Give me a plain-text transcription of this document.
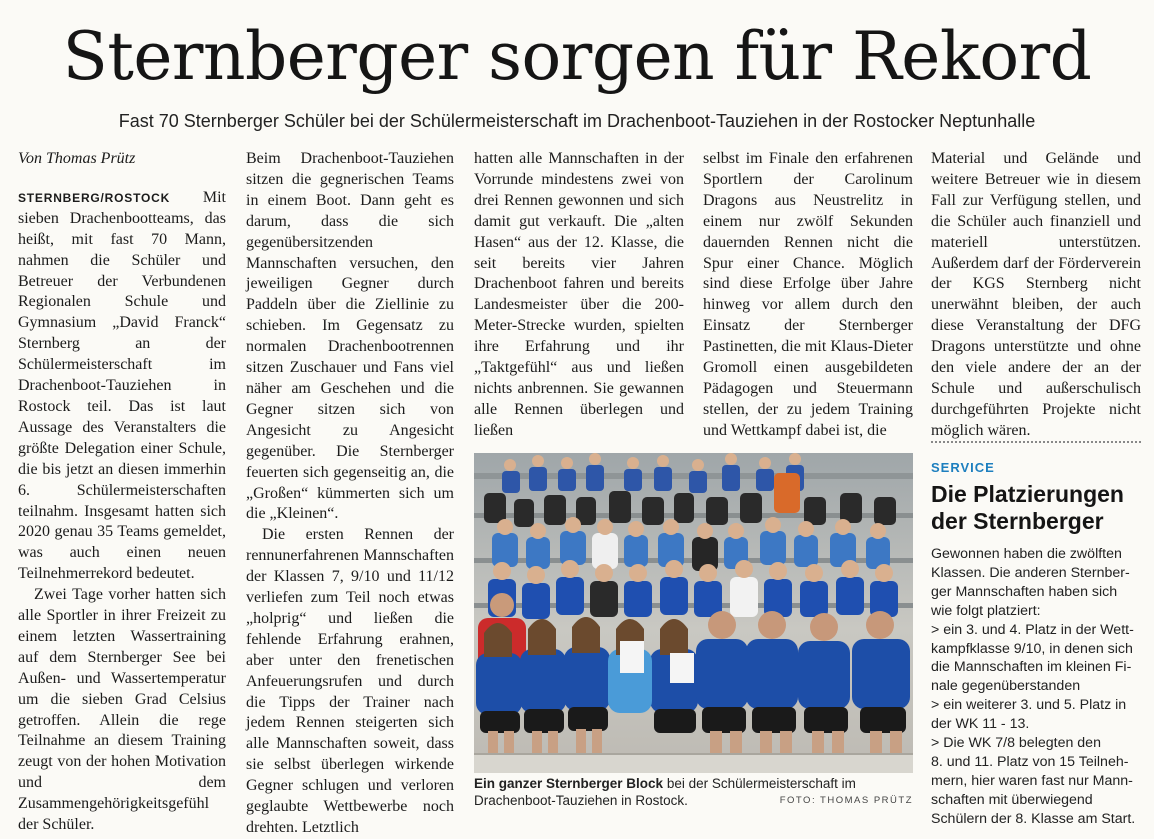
Sternberger sorgen für Rekord
Fast 70 Sternberger Schüler bei der Schülermeisterschaft im Drachenboot-Tauziehen in der Rostocker Neptunhalle

Von Thomas Prütz

STERNBERG/ROSTOCK Mit sieben Drachenbootteams, das heißt, mit fast 70 Mann, nahmen die Schüler und Betreuer der Verbundenen Regionalen Schule und Gymnasium „David Franck“ Sternberg an der Schülermeisterschaft im Drachenboot-Tauziehen in Rostock teil. Das ist laut Aussage des Veranstalters die größte Delegation einer Schule, die bis jetzt an diesen immerhin 6. Schülermeisterschaften teilnahm. Insgesamt hatten sich 2020 genau 35 Teams gemeldet, was auch einen neuen Teilnehmerrekord bedeutet.

Zwei Tage vorher hatten sich alle Sportler in ihrer Freizeit zu einem letzten Wassertraining auf dem Sternberger See bei Außen- und Wassertemperatur um die sieben Grad Celsius getroffen. Allein die rege Teilnahme an diesem Training zeugt von der hohen Motivation und dem Zusammengehörigkeitsgefühl der Schüler.

Beim Drachenboot-Tauziehen sitzen die gegnerischen Teams in einem Boot. Dann geht es darum, dass die sich gegenübersitzenden Mannschaften versuchen, den jeweiligen Gegner durch Paddeln über die Ziellinie zu schieben. Im Gegensatz zu normalen Drachenbootrennen sitzen Zuschauer und Fans viel näher am Geschehen und die Gegner sitzen sich von Angesicht zu Angesicht gegenüber. Die Sternberger feuerten sich gegenseitig an, die „Großen“ kümmerten sich um die „Kleinen“.

Die ersten Rennen der rennunerfahrenen Mannschaften der Klassen 7, 9/10 und 11/12 verliefen zum Teil noch etwas „holprig“ und ließen die fehlende Erfahrung erahnen, aber unter den frenetischen Anfeuerungsrufen und durch die Tipps der Trainer nach jedem Rennen steigerten sich alle Mannschaften soweit, dass sie selbst überlegen wirkende Gegner schlugen und verloren geglaubte Wettbewerbe noch drehten. Letztlich

hatten alle Mannschaften in der Vorrunde mindestens zwei von drei Rennen gewonnen und sich damit gut verkauft. Die „alten Hasen“ aus der 12. Klasse, die seit bereits vier Jahren Drachenboot fahren und bereits Landesmeister über die 200-Meter-Strecke wurden, spielten ihre Erfahrung und ihr „Taktgefühl“ aus und ließen nichts anbrennen. Sie gewannen alle Rennen überlegen und ließen

selbst im Finale den erfahrenen Sportlern der Carolinum Dragons aus Neustrelitz in einem nur zwölf Sekunden dauernden Rennen nicht die Spur einer Chance. Möglich sind diese Erfolge über Jahre hinweg vor allem durch den Einsatz der Sternberger Pastinetten, die mit Klaus-Dieter Gromoll einen ausgebildeten Pädagogen und Steuermann stellen, der zu jedem Training und Wettkampf dabei ist, die

Material und Gelände und weitere Betreuer wie in diesem Fall zur Verfügung stellen, und die Schüler auch finanziell und materiell unterstützen. Außerdem darf der Förderverein der KGS Sternberg nicht unerwähnt bleiben, der auch diese Veranstaltung der DFG Dragons unterstützte und ohne den viele andere der an der Schule und außerschulisch durchgeführten Projekte nicht möglich wären.

Ein ganzer Sternberger Block bei der Schülermeisterschaft im Drachenboot-Tauziehen in Rostock.	FOTO: THOMAS PRÜTZ
SERVICE
Die Platzierungen
der Sternberger
Gewonnen haben die zwölften
Klassen. Die anderen Sternber-
ger Mannschaften haben sich
wie folgt platziert:
> ein 3. und 4. Platz in der Wett-
kampfklasse 9/10, in denen sich
die Mannschaften im kleinen Fi-
nale gegenüberstanden
> ein weiterer 3. und 5. Platz in
der WK 11 - 13.
> Die WK 7/8 belegten den
8. und 11. Platz von 15 Teilneh-
mern, hier waren fast nur Mann-
schaften mit überwiegend
Schülern der 8. Klasse am Start.
